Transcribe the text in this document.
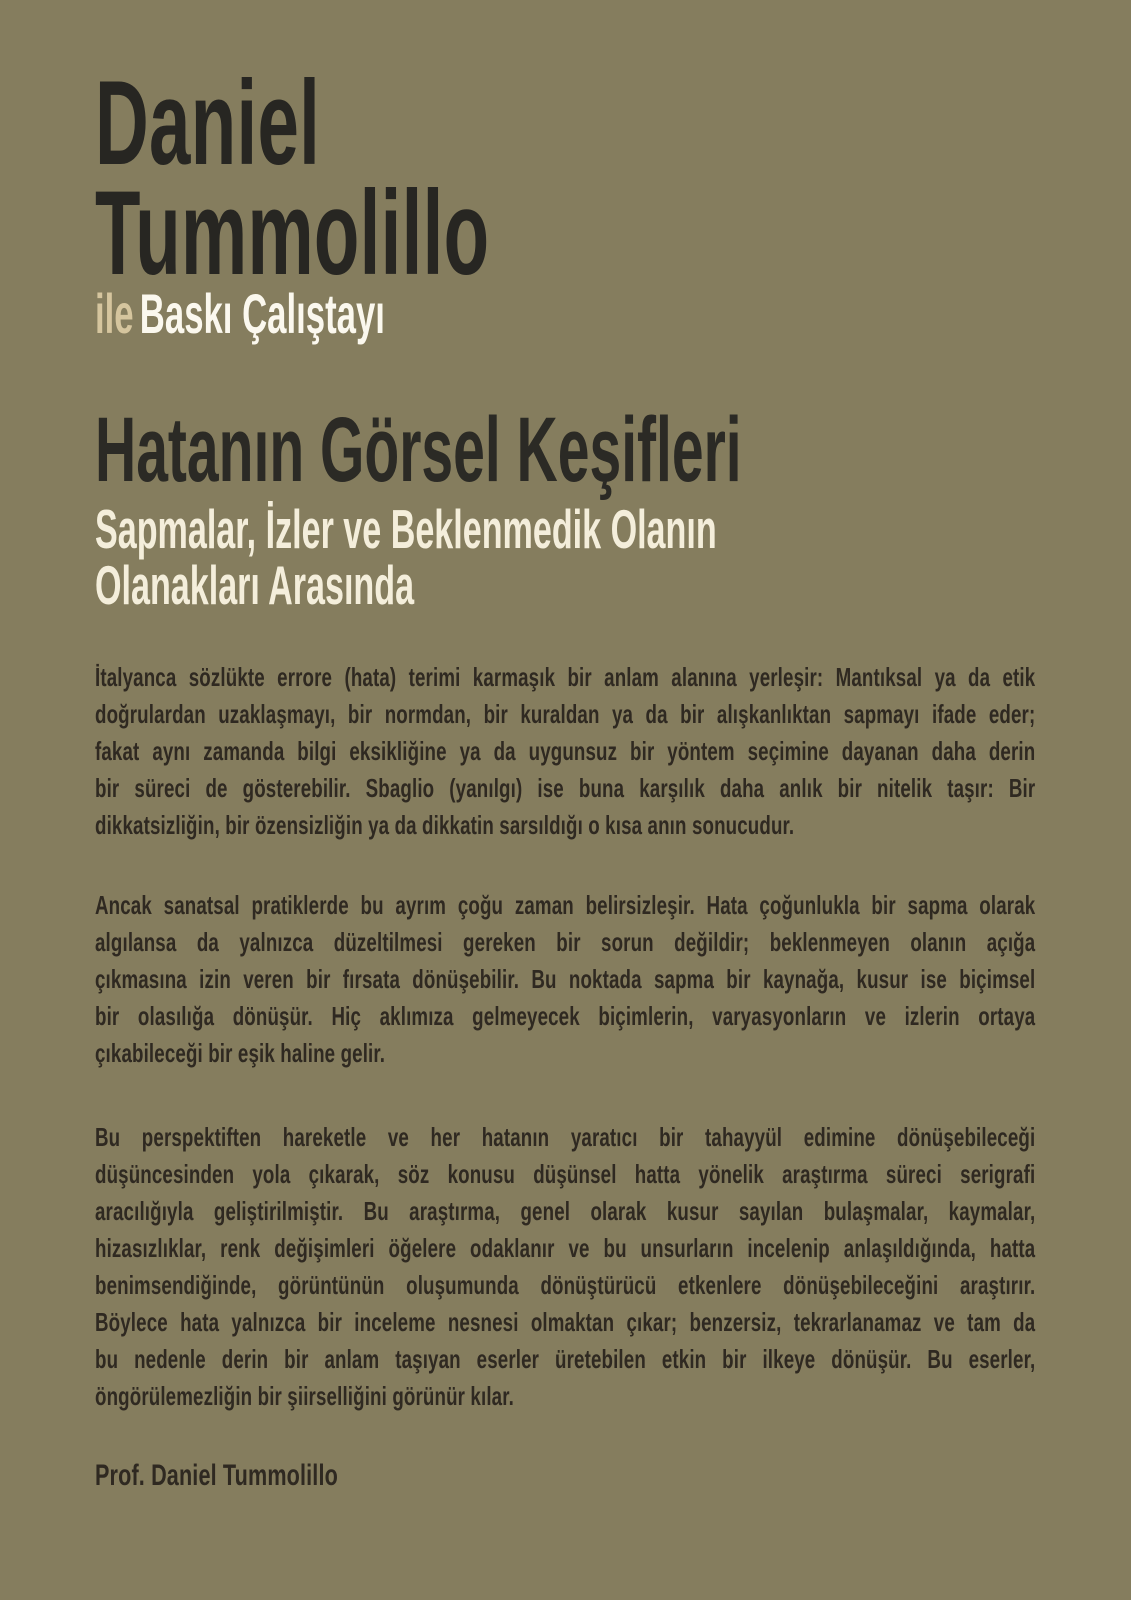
Daniel
Tummolillo

ile Baskı Çalıştayı

Hatanın Görsel Keşifleri

Sapmalar, İzler ve Beklenmedik Olanın
Olanakları Arasında

İtalyanca sözlükte errore (hata) terimi karmaşık bir anlam alanına yerleşir: Mantıksal ya da etik
doğrulardan uzaklaşmayı, bir normdan, bir kuraldan ya da bir alışkanlıktan sapmayı ifade eder;
fakat aynı zamanda bilgi eksikliğine ya da uygunsuz bir yöntem seçimine dayanan daha derin
bir süreci de gösterebilir. Sbaglio (yanılgı) ise buna karşılık daha anlık bir nitelik taşır: Bir
dikkatsizliğin, bir özensizliğin ya da dikkatin sarsıldığı o kısa anın sonucudur.
Ancak sanatsal pratiklerde bu ayrım çoğu zaman belirsizleşir. Hata çoğunlukla bir sapma olarak
algılansa da yalnızca düzeltilmesi gereken bir sorun değildir; beklenmeyen olanın açığa
çıkmasına izin veren bir fırsata dönüşebilir. Bu noktada sapma bir kaynağa, kusur ise biçimsel
bir olasılığa dönüşür. Hiç aklımıza gelmeyecek biçimlerin, varyasyonların ve izlerin ortaya
çıkabileceği bir eşik haline gelir.
Bu perspektiften hareketle ve her hatanın yaratıcı bir tahayyül edimine dönüşebileceği
düşüncesinden yola çıkarak, söz konusu düşünsel hatta yönelik araştırma süreci serigrafi
aracılığıyla geliştirilmiştir. Bu araştırma, genel olarak kusur sayılan bulaşmalar, kaymalar,
hizasızlıklar, renk değişimleri öğelere odaklanır ve bu unsurların incelenip anlaşıldığında, hatta
benimsendiğinde, görüntünün oluşumunda dönüştürücü etkenlere dönüşebileceğini araştırır.
Böylece hata yalnızca bir inceleme nesnesi olmaktan çıkar; benzersiz, tekrarlanamaz ve tam da
bu nedenle derin bir anlam taşıyan eserler üretebilen etkin bir ilkeye dönüşür. Bu eserler,
öngörülemezliğin bir şiirselliğini görünür kılar.

Prof. Daniel Tummolillo
